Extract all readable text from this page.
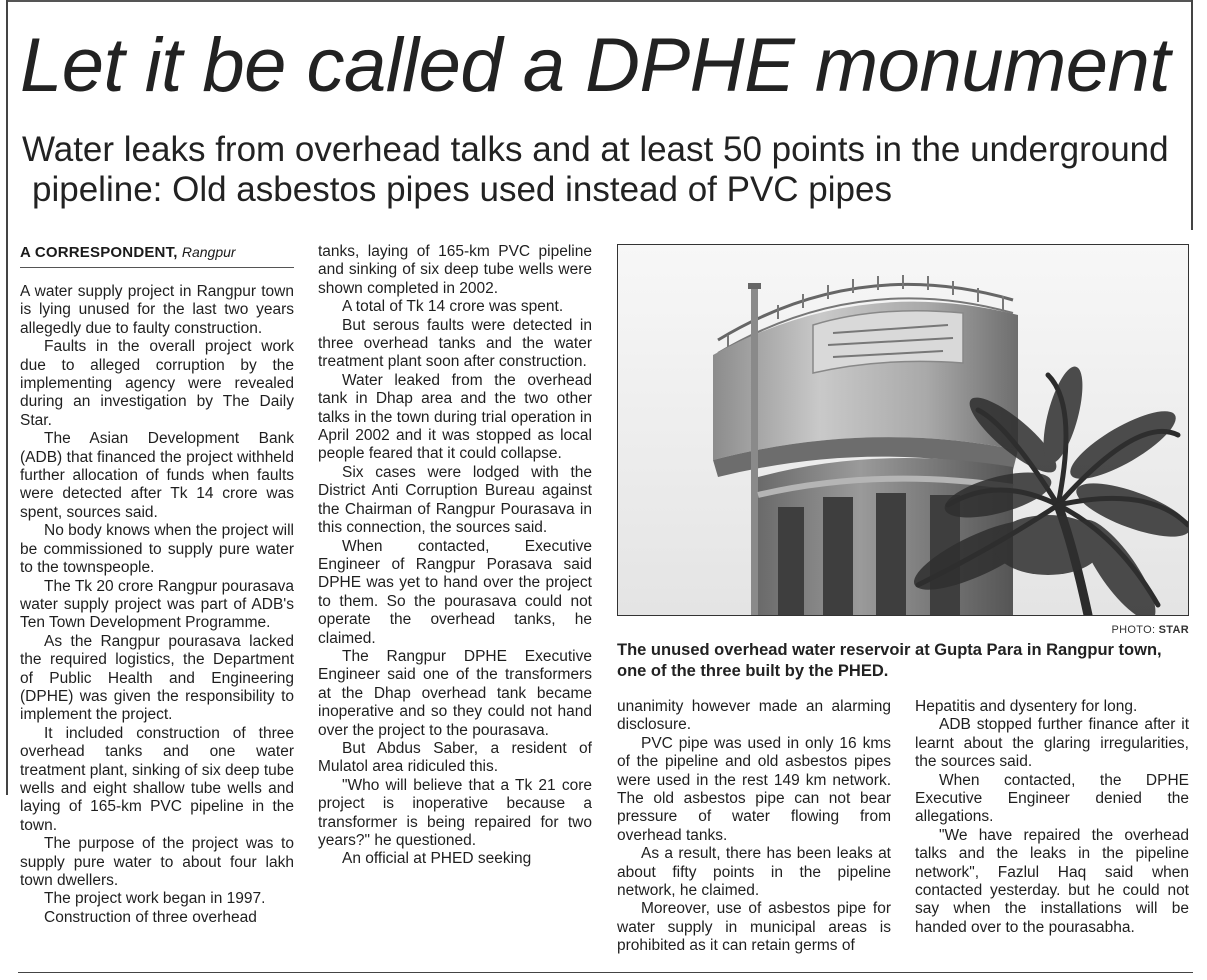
Let it be called a DPHE monument
Water leaks from overhead talks and at least 50 points in the underground
pipeline: Old asbestos pipes used instead of PVC pipes
A CORRESPONDENT, Rangpur

A water supply project in Rangpur town is lying unused for the last two years allegedly due to faulty construction.

Faults in the overall project work due to alleged corruption by the implementing agency were revealed during an investigation by The Daily Star.

The Asian Development Bank (ADB) that financed the project withheld further allocation of funds when faults were detected after Tk 14 crore was spent, sources said.

No body knows when the project will be commissioned to supply pure water to the townspeople.

The Tk 20 crore Rangpur pourasava water supply project was part of ADB's Ten Town Development Programme.

As the Rangpur pourasava lacked the required logistics, the Department of Public Health and Engineering (DPHE) was given the responsibility to implement the project.

It included construction of three overhead tanks and one water treatment plant, sinking of six deep tube wells and eight shallow tube wells and laying of 165-km PVC pipeline in the town.

The purpose of the project was to supply pure water to about four lakh town dwellers.

The project work began in 1997.

Construction of three overhead

tanks, laying of 165-km PVC pipeline and sinking of six deep tube wells were shown completed in 2002.

A total of Tk 14 crore was spent.

But serous faults were detected in three overhead tanks and the water treatment plant soon after construction.

Water leaked from the overhead tank in Dhap area and the two other talks in the town during trial operation in April 2002 and it was stopped as local people feared that it could collapse.

Six cases were lodged with the District Anti Corruption Bureau against the Chairman of Rangpur Pourasava in this connection, the sources said.

When contacted, Executive Engineer of Rangpur Porasava said DPHE was yet to hand over the project to them. So the pourasava could not operate the overhead tanks, he claimed.

The Rangpur DPHE Executive Engineer said one of the transformers at the Dhap overhead tank became inoperative and so they could not hand over the project to the pourasava.

But Abdus Saber, a resident of Mulatol area ridiculed this.

"Who will believe that a Tk 21 core project is inoperative because a transformer is being repaired for two years?" he questioned.

An official at PHED seeking

PHOTO: STAR
The unused overhead water reservoir at Gupta Para in Rangpur town, one of the three built by the PHED.

unanimity however made an alarming disclosure.

PVC pipe was used in only 16 kms of the pipeline and old asbestos pipes were used in the rest 149 km network. The old asbestos pipe can not bear pressure of water flowing from overhead tanks.

As a result, there has been leaks at about fifty points in the pipeline network, he claimed.

Moreover, use of asbestos pipe for water supply in municipal areas is prohibited as it can retain germs of

Hepatitis and dysentery for long.

ADB stopped further finance after it learnt about the glaring irregularities, the sources said.

When contacted, the DPHE Executive Engineer denied the allegations.

"We have repaired the overhead talks and the leaks in the pipeline network", Fazlul Haq said when contacted yesterday. but he could not say when the installations will be handed over to the pourasabha.
